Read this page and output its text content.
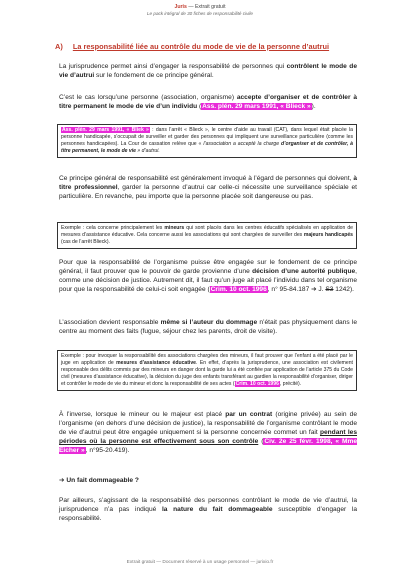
Juris — Extrait gratuit
Le pack intégral de 30 fiches de responsabilité civile
A) La responsabilité liée au contrôle du mode de vie de la personne d’autrui
La jurisprudence permet ainsi d’engager la responsabilité de personnes qui contrôlent le mode de vie d’autrui sur le fondement de ce principe général.
C’est le cas lorsqu’une personne (association, organisme) accepte d’organiser et de contrôler à titre permanent le mode de vie d’un individu (Ass. plén. 29 mars 1991, « Blieck »).
Ass. plén. 29 mars 1991, « Bliek » : dans l’arrêt « Blieck », le centre d’aide au travail (CAT), dans lequel était placée la personne handicapée, s’occupait de surveiller et garder des personnes qui impliquent une surveillance particulière (comme les personnes handicapées). La Cour de cassation relève que « l’association a accepté la charge d’organiser et de contrôler, à titre permanent, le mode de vie » d’autrui.
Ce principe général de responsabilité est généralement invoqué à l’égard de personnes qui doivent, à titre professionnel, garder la personne d’autrui car celle-ci nécessite une surveillance spéciale et particulière. En revanche, peu importe que la personne placée soit dangereuse ou pas.
Exemple : cela concerne principalement les mineurs qui sont placés dans les centres éducatifs spécialisés en application de mesures d’assistance éducative. Cela concerne aussi les associations qui sont chargées de surveiller des majeurs handicapés (cas de l’arrêt Blieck).
Pour que la responsabilité de l’organisme puisse être engagée sur le fondement de ce principe général, il faut prouver que le pouvoir de garde provienne d’une décision d’une autorité publique, comme une décision de justice. Autrement dit, il faut qu’un juge ait placé l’individu dans tel organisme pour que la responsabilité de celui-ci soit engagée (Crim. 10 oct. 1996, n° 95-84.187 ➔ J. S3 1242).
L’association devient responsable même si l’auteur du dommage n’était pas physiquement dans le centre au moment des faits (fugue, séjour chez les parents, droit de visite).
Exemple : pour invoquer la responsabilité des associations chargées des mineurs, il faut prouver que l’enfant a été placé par le juge en application de mesures d’assistance éducative. En effet, d’après la jurisprudence, une association est civilement responsable des délits commis par des mineurs en danger dont la garde lui a été confiée par application de l’article 375 du Code civil (mesures d’assistance éducative), la décision du juge des enfants transférant au gardien la responsabilité d’organiser, diriger et contrôler le mode de vie du mineur et donc la responsabilité de ses actes (Crim. 10 oct. 1996, précité).
À l’inverse, lorsque le mineur ou le majeur est placé par un contrat (origine privée) au sein de l’organisme (en dehors d’une décision de justice), la responsabilité de l’organisme contrôlant le mode de vie d’autrui peut être engagée uniquement si la personne concernée commet un fait pendant les périodes où la personne est effectivement sous son contrôle (Civ. 2e 25 févr. 1998, « Mme Eicher », n°95-20.419).
➔ Un fait dommageable ?
Par ailleurs, s’agissant de la responsabilité des personnes contrôlant le mode de vie d’autrui, la jurisprudence n’a pas indiqué la nature du fait dommageable susceptible d’engager la responsabilité.
Extrait gratuit — Document réservé à un usage personnel — jurixio.fr
